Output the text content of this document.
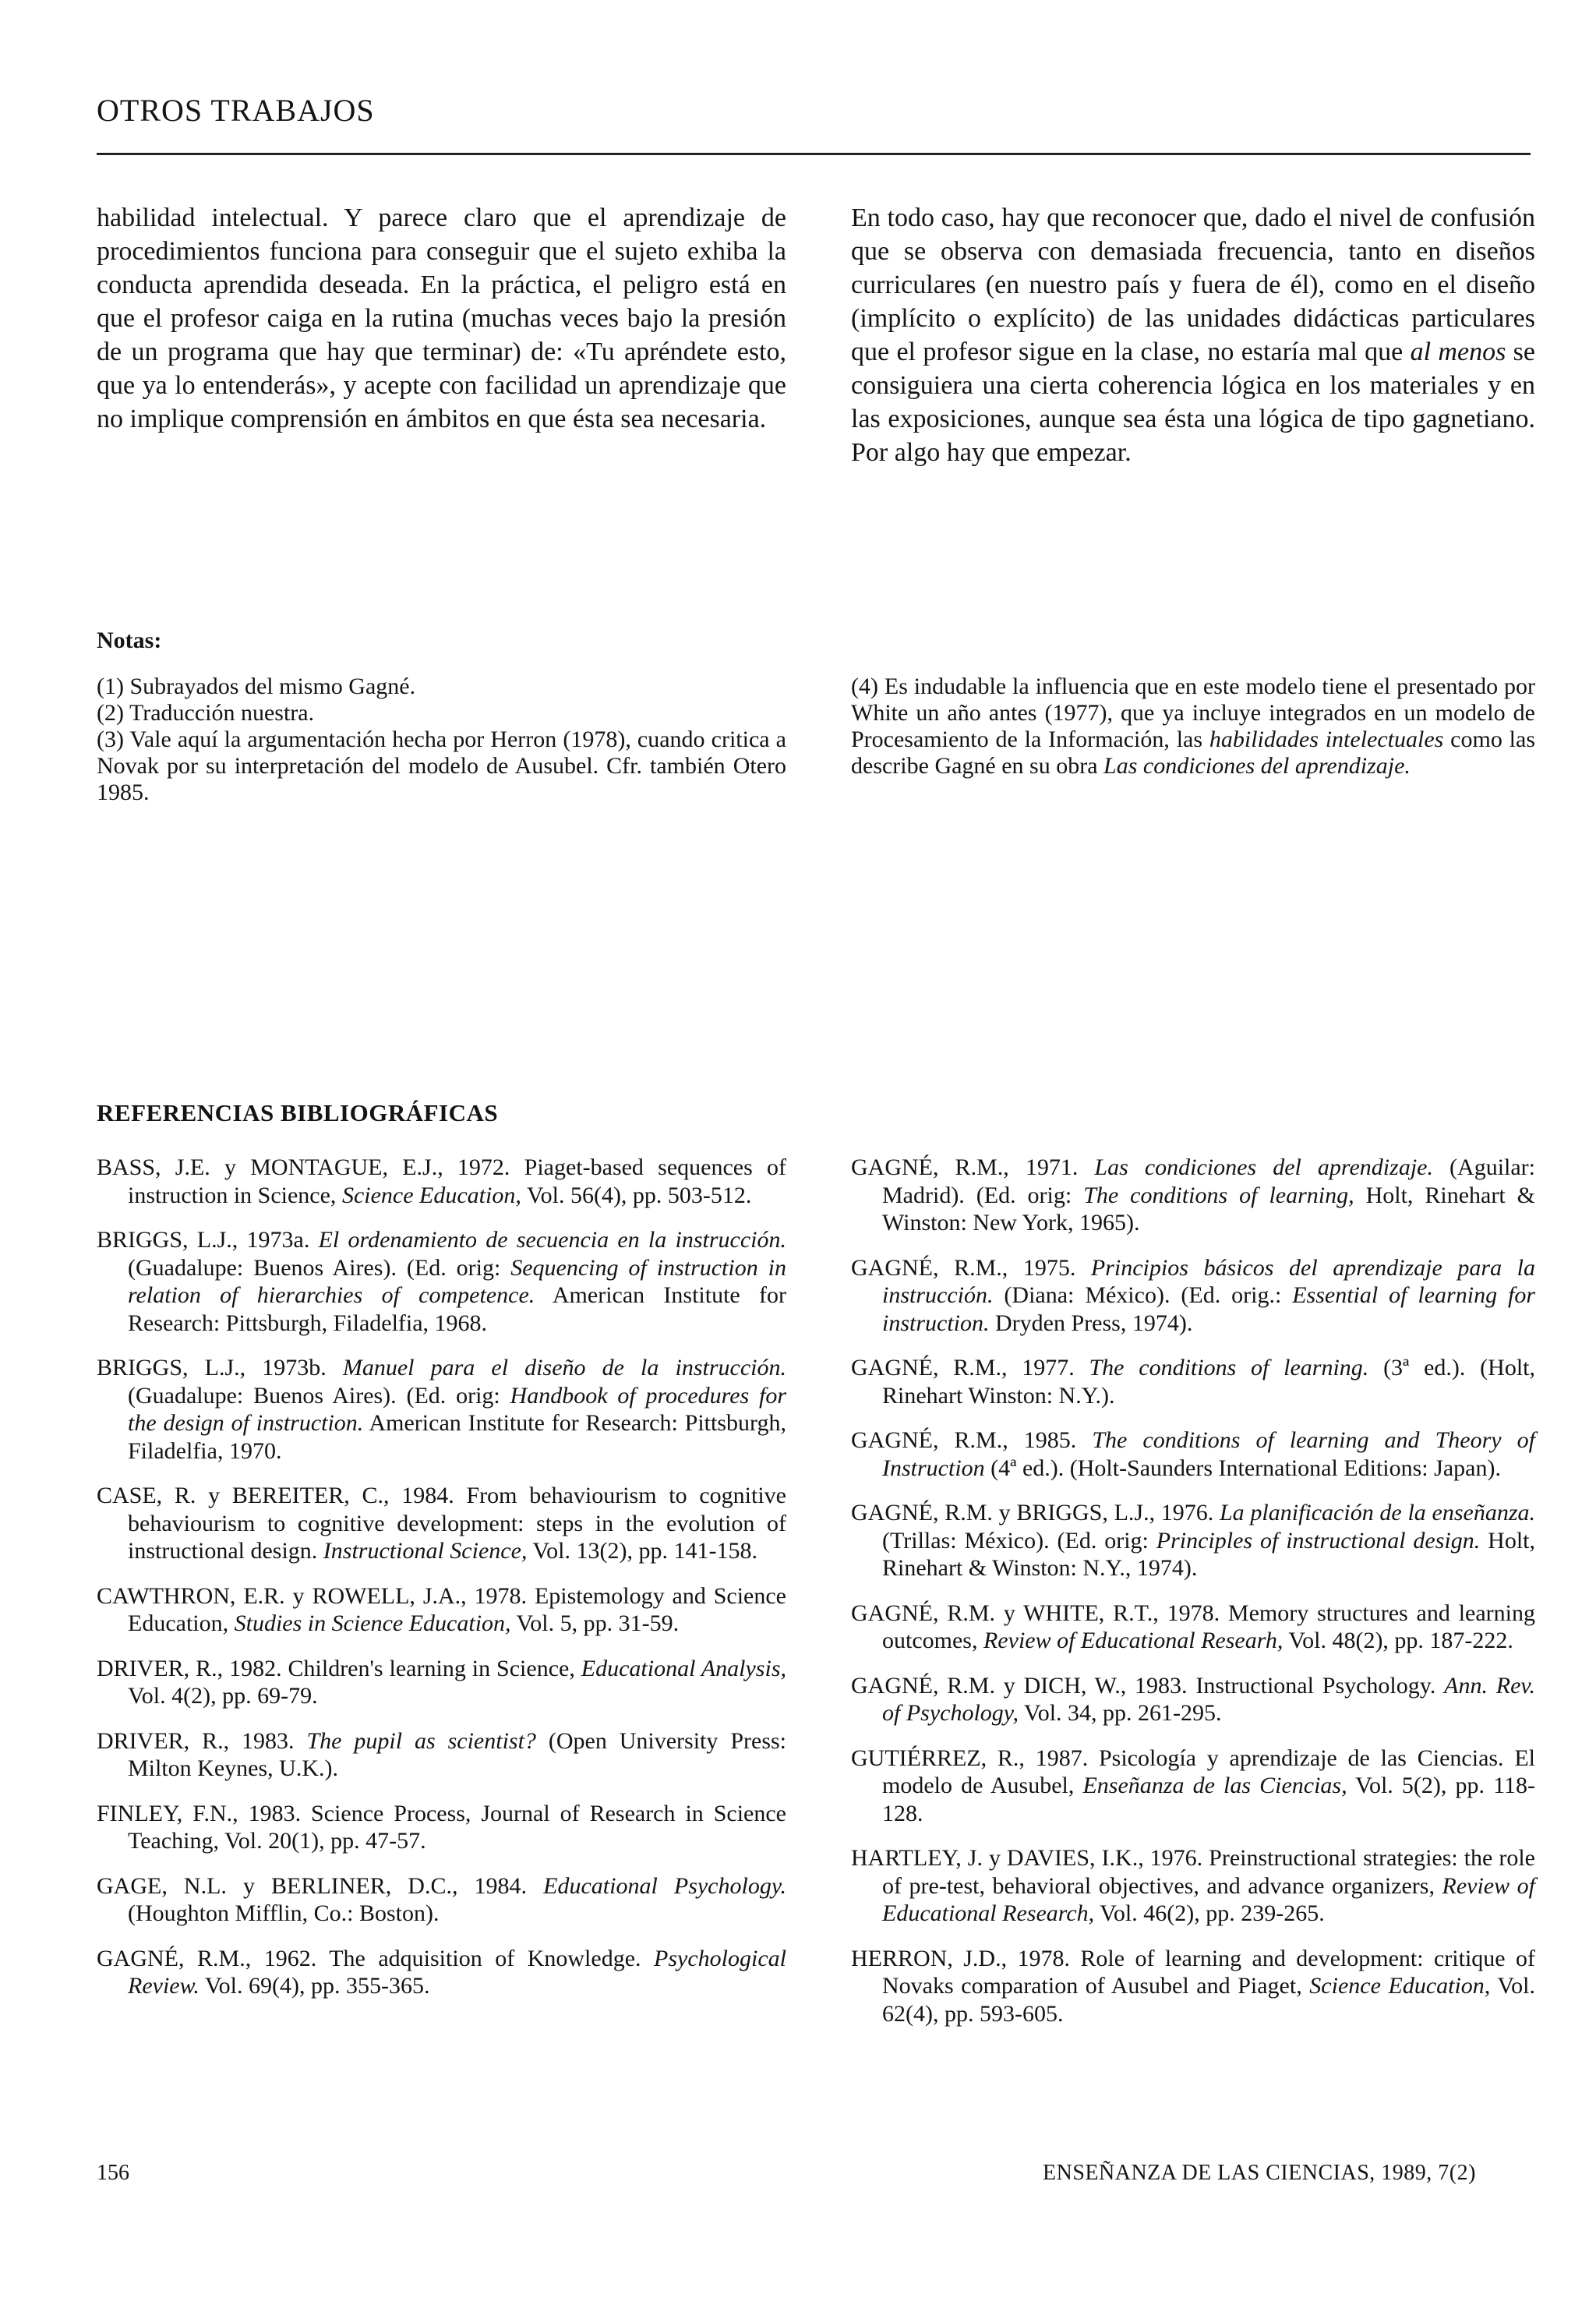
OTROS TRABAJOS

habilidad intelectual. Y parece claro que el aprendizaje de procedimientos funciona para conseguir que el sujeto exhiba la conducta aprendida deseada. En la práctica, el peligro está en que el profesor caiga en la rutina (muchas veces bajo la presión de un programa que hay que terminar) de: «Tu apréndete esto, que ya lo entenderás», y acepte con facilidad un aprendizaje que no implique comprensión en ámbitos en que ésta sea necesaria.

En todo caso, hay que reconocer que, dado el nivel de confusión que se observa con demasiada frecuencia, tanto en diseños curriculares (en nuestro país y fuera de él), como en el diseño (implícito o explícito) de las unidades didácticas particulares que el profesor sigue en la clase, no estaría mal que al menos se consiguiera una cierta coherencia lógica en los materiales y en las exposiciones, aunque sea ésta una lógica de tipo gagnetiano. Por algo hay que empezar.

Notas:

(1) Subrayados del mismo Gagné.

(2) Traducción nuestra.

(3) Vale aquí la argumentación hecha por Herron (1978), cuando critica a Novak por su interpretación del modelo de Ausubel. Cfr. también Otero 1985.

(4) Es indudable la influencia que en este modelo tiene el presentado por White un año antes (1977), que ya incluye integrados en un modelo de Procesamiento de la Información, las habilidades intelectuales como las describe Gagné en su obra Las condiciones del aprendizaje.

REFERENCIAS BIBLIOGRÁFICAS

BASS, J.E. y MONTAGUE, E.J., 1972. Piaget-based sequences of instruction in Science, Science Education, Vol. 56(4), pp. 503-512.

BRIGGS, L.J., 1973a. El ordenamiento de secuencia en la instrucción. (Guadalupe: Buenos Aires). (Ed. orig: Sequencing of instruction in relation of hierarchies of competence. American Institute for Research: Pittsburgh, Filadelfia, 1968.

BRIGGS, L.J., 1973b. Manuel para el diseño de la instrucción. (Guadalupe: Buenos Aires). (Ed. orig: Handbook of procedures for the design of instruction. American Institute for Research: Pittsburgh, Filadelfia, 1970.

CASE, R. y BEREITER, C., 1984. From behaviourism to cognitive behaviourism to cognitive development: steps in the evolution of instructional design. Instructional Science, Vol. 13(2), pp. 141-158.

CAWTHRON, E.R. y ROWELL, J.A., 1978. Epistemology and Science Education, Studies in Science Education, Vol. 5, pp. 31-59.

DRIVER, R., 1982. Children's learning in Science, Educational Analysis, Vol. 4(2), pp. 69-79.

DRIVER, R., 1983. The pupil as scientist? (Open University Press: Milton Keynes, U.K.).

FINLEY, F.N., 1983. Science Process, Journal of Research in Science Teaching, Vol. 20(1), pp. 47-57.

GAGE, N.L. y BERLINER, D.C., 1984. Educational Psychology. (Houghton Mifflin, Co.: Boston).

GAGNÉ, R.M., 1962. The adquisition of Knowledge. Psychological Review. Vol. 69(4), pp. 355-365.

GAGNÉ, R.M., 1971. Las condiciones del aprendizaje. (Aguilar: Madrid). (Ed. orig: The conditions of learning, Holt, Rinehart & Winston: New York, 1965).

GAGNÉ, R.M., 1975. Principios básicos del aprendizaje para la instrucción. (Diana: México). (Ed. orig.: Essential of learning for instruction. Dryden Press, 1974).

GAGNÉ, R.M., 1977. The conditions of learning. (3ª ed.). (Holt, Rinehart Winston: N.Y.).

GAGNÉ, R.M., 1985. The conditions of learning and Theory of Instruction (4ª ed.). (Holt-Saunders International Editions: Japan).

GAGNÉ, R.M. y BRIGGS, L.J., 1976. La planificación de la enseñanza. (Trillas: México). (Ed. orig: Principles of instructional design. Holt, Rinehart & Winston: N.Y., 1974).

GAGNÉ, R.M. y WHITE, R.T., 1978. Memory structures and learning outcomes, Review of Educational Researh, Vol. 48(2), pp. 187-222.

GAGNÉ, R.M. y DICH, W., 1983. Instructional Psychology. Ann. Rev. of Psychology, Vol. 34, pp. 261-295.

GUTIÉRREZ, R., 1987. Psicología y aprendizaje de las Ciencias. El modelo de Ausubel, Enseñanza de las Ciencias, Vol. 5(2), pp. 118-128.

HARTLEY, J. y DAVIES, I.K., 1976. Preinstructional strategies: the role of pre-test, behavioral objectives, and advance organizers, Review of Educational Research, Vol. 46(2), pp. 239-265.

HERRON, J.D., 1978. Role of learning and development: critique of Novaks comparation of Ausubel and Piaget, Science Education, Vol. 62(4), pp. 593-605.

156	ENSEÑANZA DE LAS CIENCIAS, 1989, 7(2)
